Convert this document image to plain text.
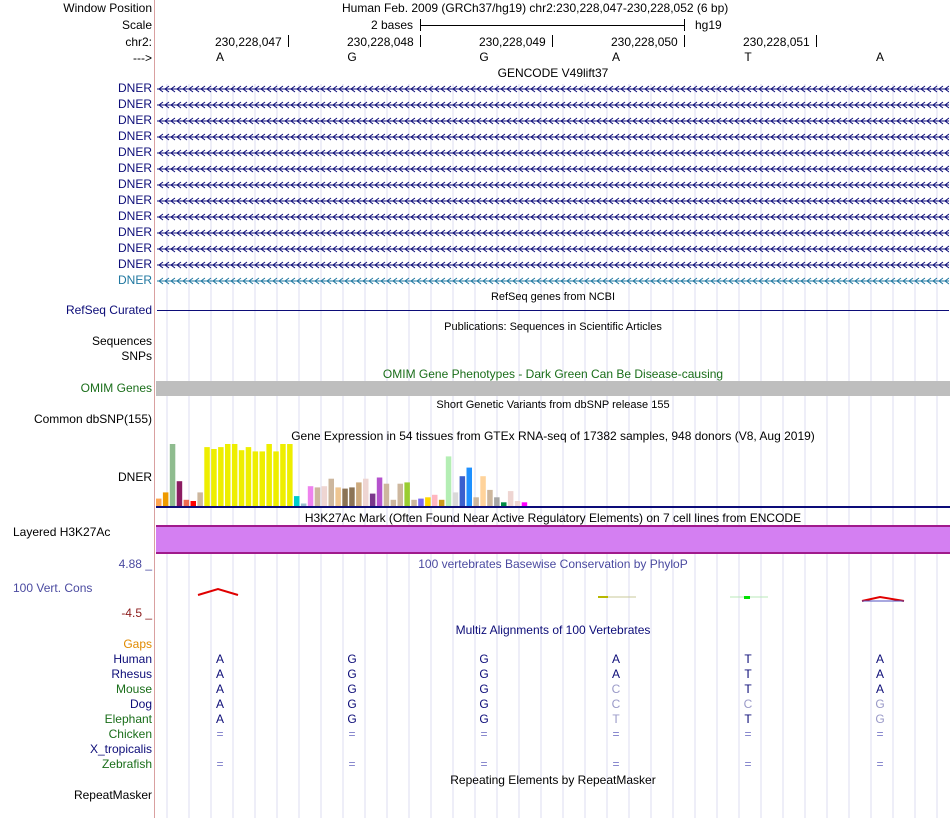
Window Position	Human Feb. 2009 (GRCh37/hg19) chr2:230,228,047-230,228,052 (6 bp)
Scale	2 bases	hg19
chr2:	230,228,047	230,228,048	230,228,049	230,228,050	230,228,051
--->	A	G	G	A	T	A
GENCODE V49lift37
DNER
DNER
DNER
DNER
DNER
DNER
DNER
DNER
DNER
DNER
DNER
DNER
DNER
RefSeq genes from NCBI
RefSeq Curated
Publications: Sequences in Scientific Articles
Sequences
SNPs
OMIM Gene Phenotypes - Dark Green Can Be Disease-causing
OMIM Genes
Short Genetic Variants from dbSNP release 155
Common dbSNP(155)
Gene Expression in 54 tissues from GTEx RNA-seq of 17382 samples, 948 donors (V8, Aug 2019)
DNER
H3K27Ac Mark (Often Found Near Active Regulatory Elements) on 7 cell lines from ENCODE
Layered H3K27Ac
100 vertebrates Basewise Conservation by PhyloP
4.88 _
100 Vert. Cons
-4.5 _
Multiz Alignments of 100 Vertebrates
Gaps
Human	A	G	G	A	T	A
Rhesus	A	G	G	A	T	A
Mouse	A	G	G	C	T	A
Dog	A	G	G	C	C	G
Elephant	A	G	G	T	T	G
Chicken	=	=	=	=	=	=
X_tropicalis
Zebrafish	=	=	=	=	=	=
Repeating Elements by RepeatMasker
RepeatMasker
